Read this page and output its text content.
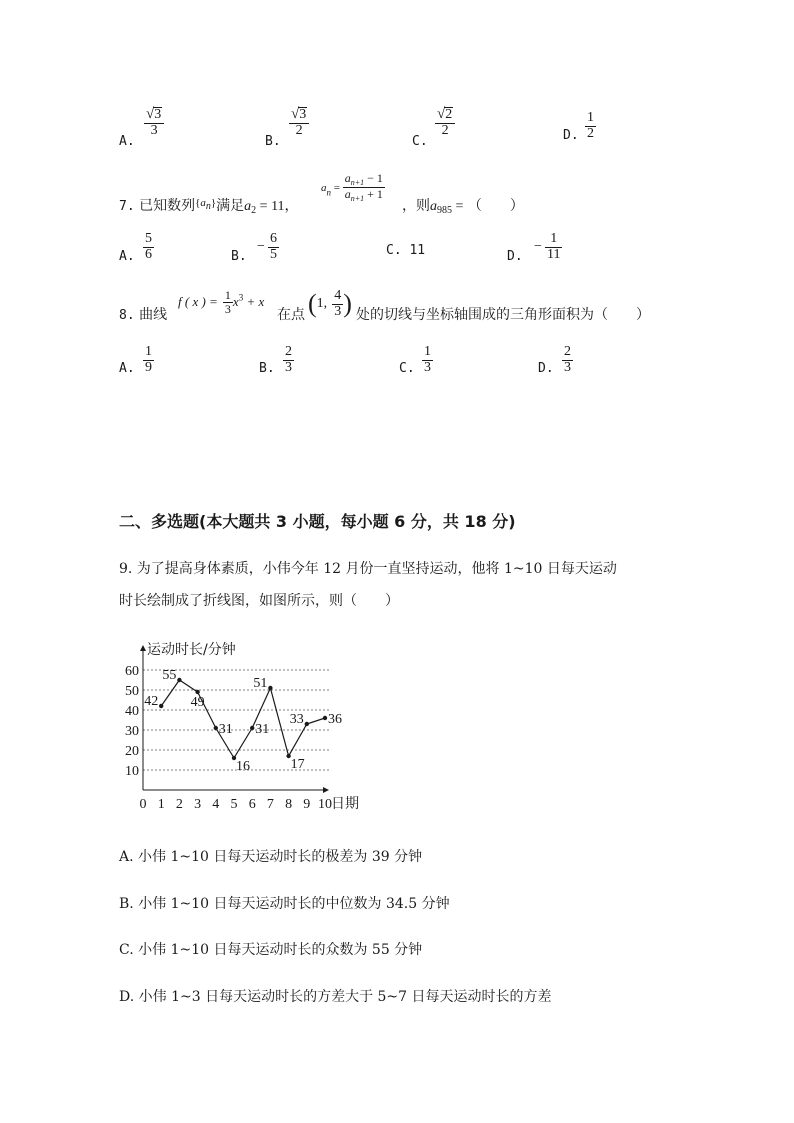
A.
√ 3
3
B.
√ 3
2
C.
√ 2
2	D.
1
2
7. 已知数列$^{\{an\}}$满足$a_2 = 11$，
$a_n = \frac{a_{n+1} - 1}{a_{n+1} + 1}$
，则$a_{985}$ = （　　）
A.
5
6	B.
−
6
5	C. 11	D.
−
1
11
8. 曲线
f ( x ) = $\frac{1}{3} x^3 + x$
在点 (1, $\frac{4}{3}$ ) 处的切线与坐标轴围成的三角形面积为（　　）
A.
1
9	B.
2
3	C.
1
3	D.
2
3
二、多选题(本大题共 3 小题，每小题 6 分，共 18 分)
9. 为了提高身体素质，小伟今年 12 月份一直坚持运动，他将 1~10 日每天运动
时长绘制成了折线图，如图所示，则（　　）
10
20
30
40
50
60
0 1 2 3 4 5 6 7 8 9 10
42
55
49
31
16
31
51
17
33 36
运动时长/分钟
日期
A. 小伟 1~10 日每天运动时长的极差为 39 分钟
B. 小伟 1~10 日每天运动时长的中位数为 34.5 分钟
C. 小伟 1~10 日每天运动时长的众数为 55 分钟
D. 小伟 1~3 日每天运动时长的方差大于 5~7 日每天运动时长的方差
